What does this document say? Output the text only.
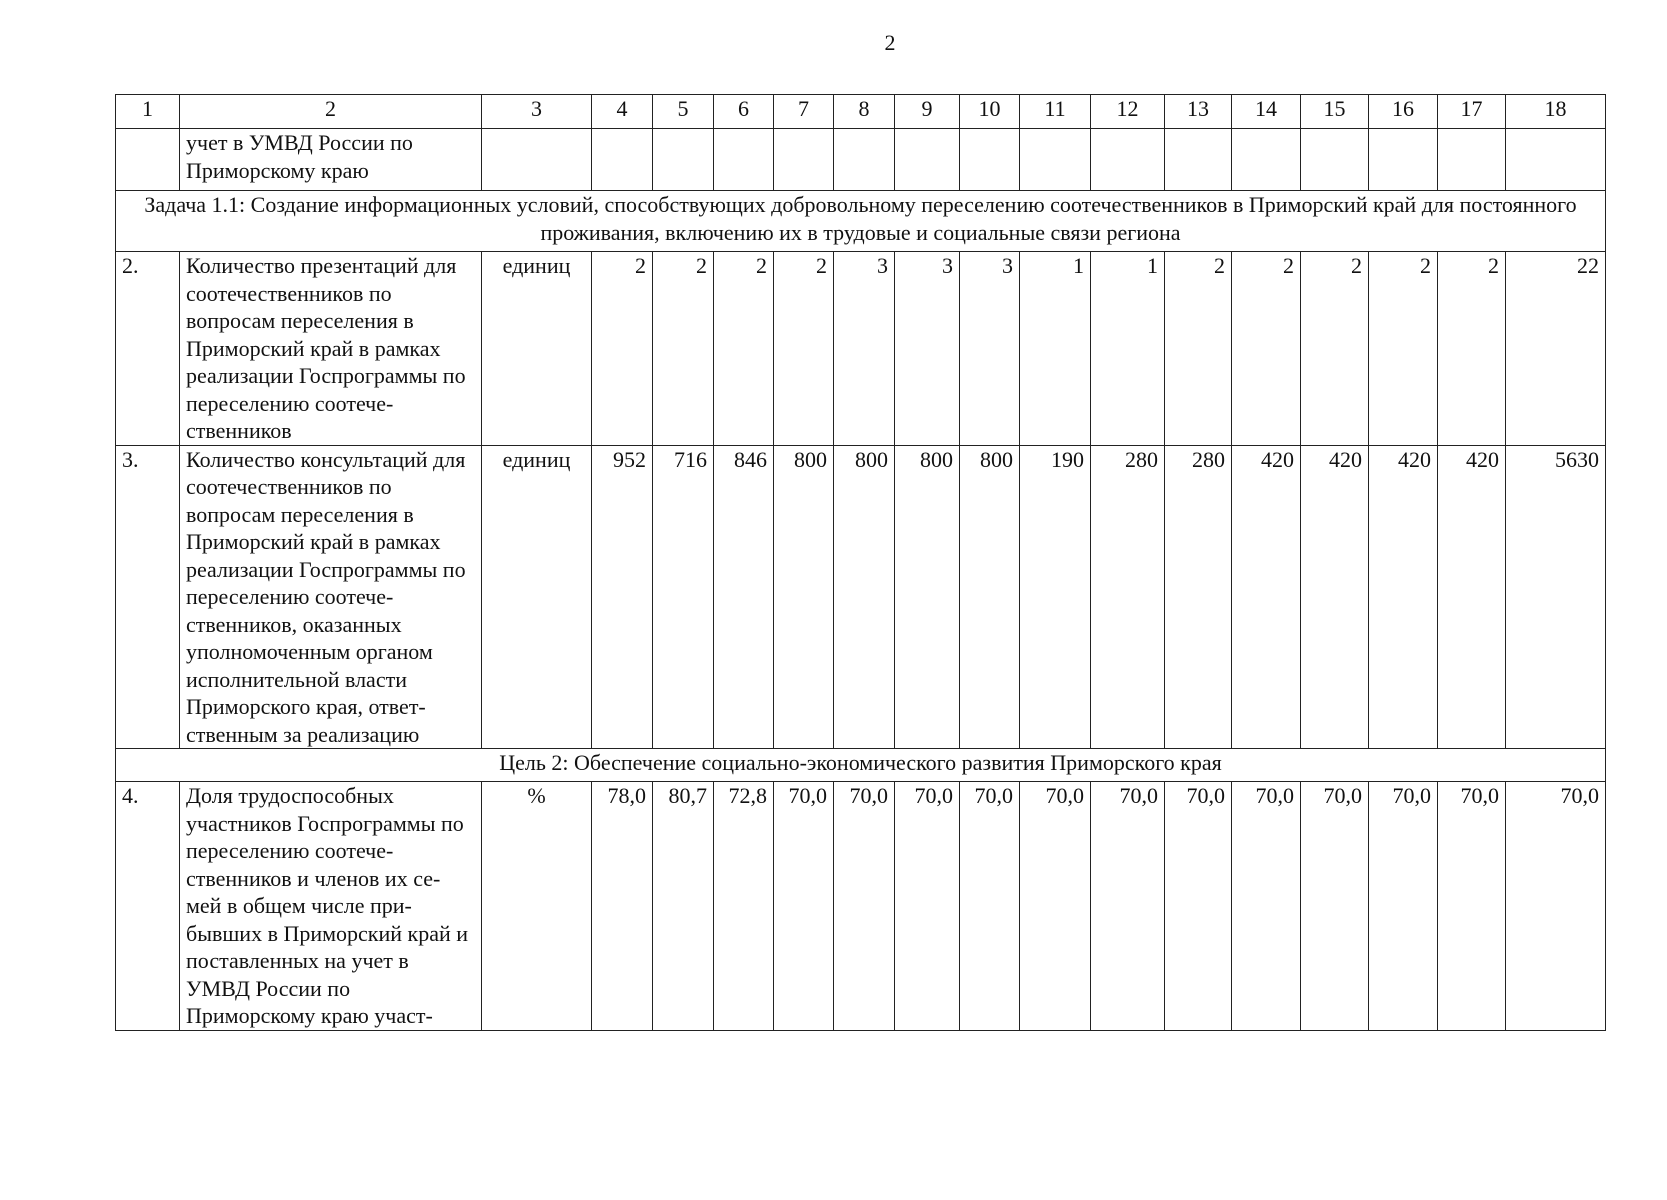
2
1	2	3	4	5	6	7	8	9	10	11	12	13	14	15	16	17	18
	учет в УМВД России по Приморскому краю																
Задача 1.1: Создание информационных условий, способствующих добровольному переселению соотечественников в Приморский край для постоянного проживания, включению их в трудовые и социальные связи региона																	
2.	Количество презентаций для соотечественников по вопросам переселения в Приморский край в рамках реализации Госпрограммы по переселению соотече-ственников	единиц	2	2	2	2	3	3	3	1	1	2	2	2	2	2	22
3.	Количество консультаций для соотечественников по вопросам переселения в Приморский край в рамках реализации Госпрограммы по переселению соотече-ственников, оказанных уполномоченным органом исполнительной власти Приморского края, ответ-ственным за реализацию	единиц	952	716	846	800	800	800	800	190	280	280	420	420	420	420	5630
Цель 2: Обеспечение социально-экономического развития Приморского края																	
4.	Доля трудоспособных участников Госпрограммы по переселению соотече-ственников и членов их се-мей в общем числе при-бывших в Приморский край и поставленных на учет в УМВД России по Приморскому краю участ-	%	78,0	80,7	72,8	70,0	70,0	70,0	70,0	70,0	70,0	70,0	70,0	70,0	70,0	70,0	70,0
